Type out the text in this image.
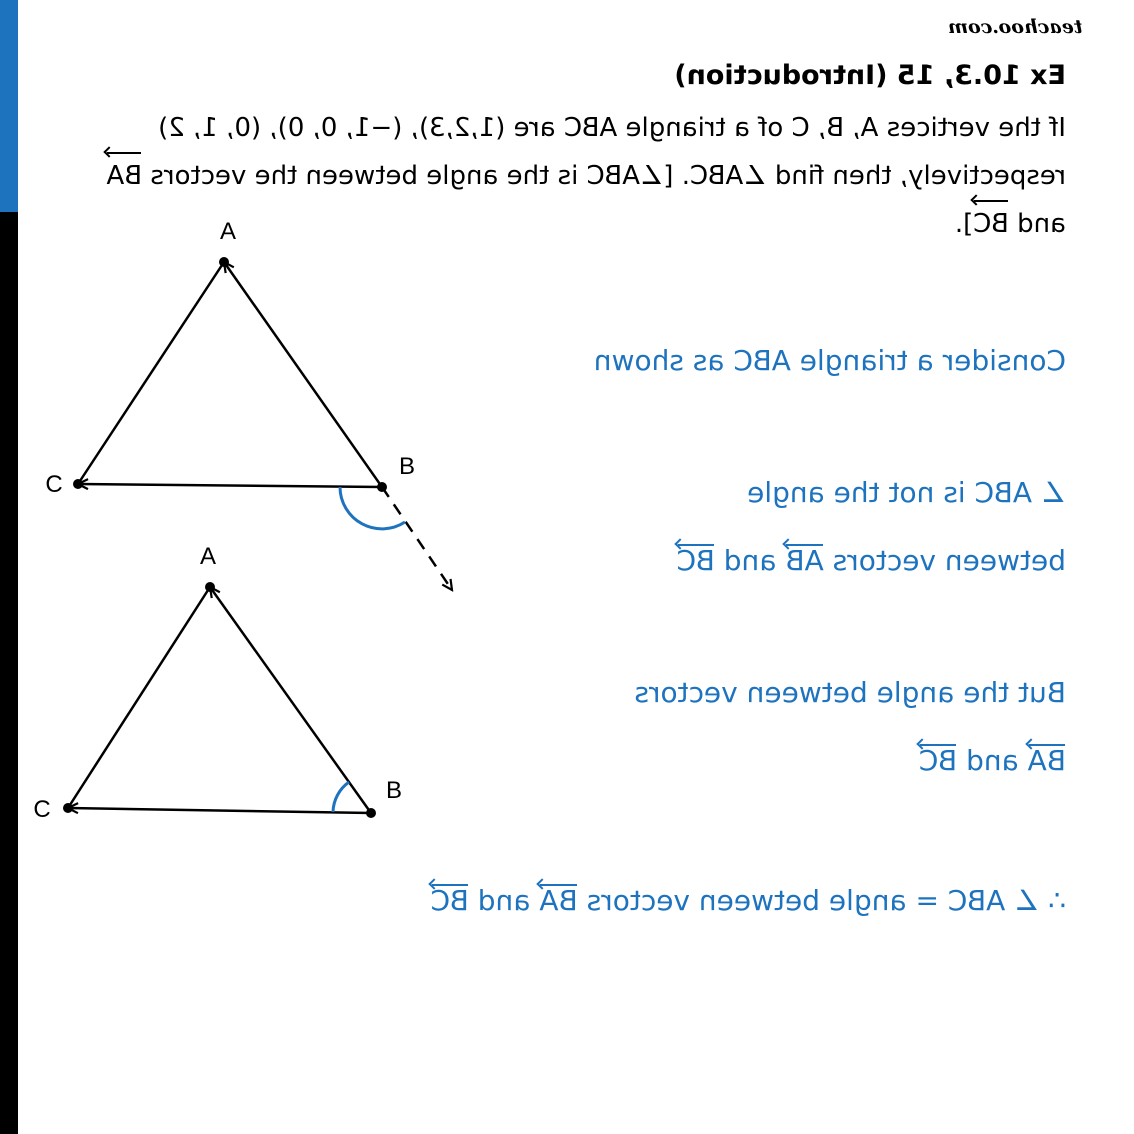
teachoo.com
Ex 10.3, 15 (Introduction)
If the vertices A, B, C of a triangle ABC are (1,2,3), (−1, 0, 0), (0, 1, 2) respectively, then find ∠ABC. [∠ABC is the angle between the vectors BA and BC].
Consider a triangle ABC as shown
∠ ABC is not the angle
between vectors AB and BC
But the angle between vectors
BA and BC
∴ ∠ ABC = angle between vectors BA and BC
A
B
C
A
B
C
